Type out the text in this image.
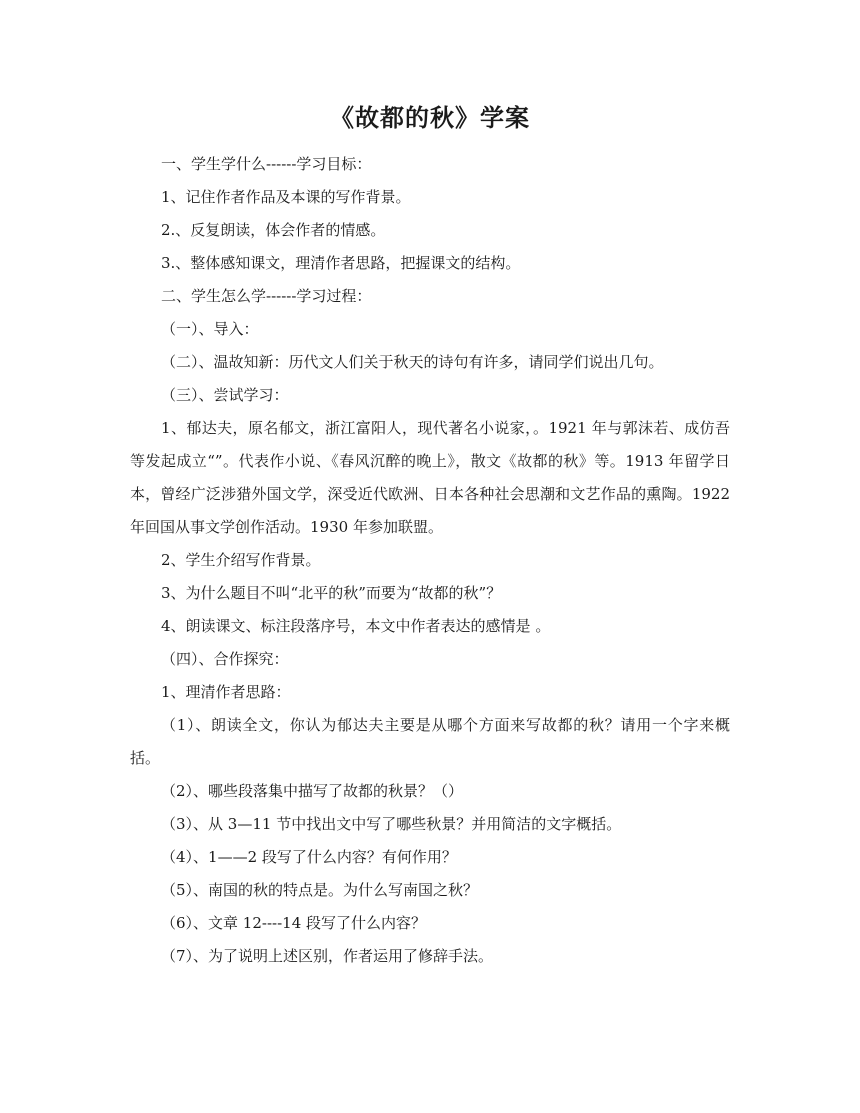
《故都的秋》学案

一、学生学什么------学习目标：

1、记住作者作品及本课的写作背景。

2.、反复朗读，体会作者的情感。

3.、整体感知课文，理清作者思路，把握课文的结构。

二、学生怎么学------学习过程：

（一）、导入：

（二）、温故知新：历代文人们关于秋天的诗句有许多，请同学们说出几句。

（三）、尝试学习：

1、郁达夫，原名郁文，浙江富阳人，现代著名小说家，。1921 年与郭沫若、成仿吾等发起成立“”。代表作小说、《春风沉醉的晚上》，散文《故都的秋》等。1913 年留学日本，曾经广泛涉猎外国文学，深受近代欧洲、日本各种社会思潮和文艺作品的熏陶。1922 年回国从事文学创作活动。1930 年参加联盟。

2、学生介绍写作背景。

3、为什么题目不叫“北平的秋”而要为“故都的秋”？

4、朗读课文、标注段落序号，本文中作者表达的感情是 。

（四）、合作探究：

1、理清作者思路：

（1）、朗读全文，你认为郁达夫主要是从哪个方面来写故都的秋？请用一个字来概括。

（2）、哪些段落集中描写了故都的秋景？（）

（3）、从 3—11 节中找出文中写了哪些秋景？并用简洁的文字概括。

（4）、1——2 段写了什么内容？有何作用？

（5）、南国的秋的特点是。为什么写南国之秋？

（6）、文章 12----14 段写了什么内容？

（7）、为了说明上述区别，作者运用了修辞手法。
